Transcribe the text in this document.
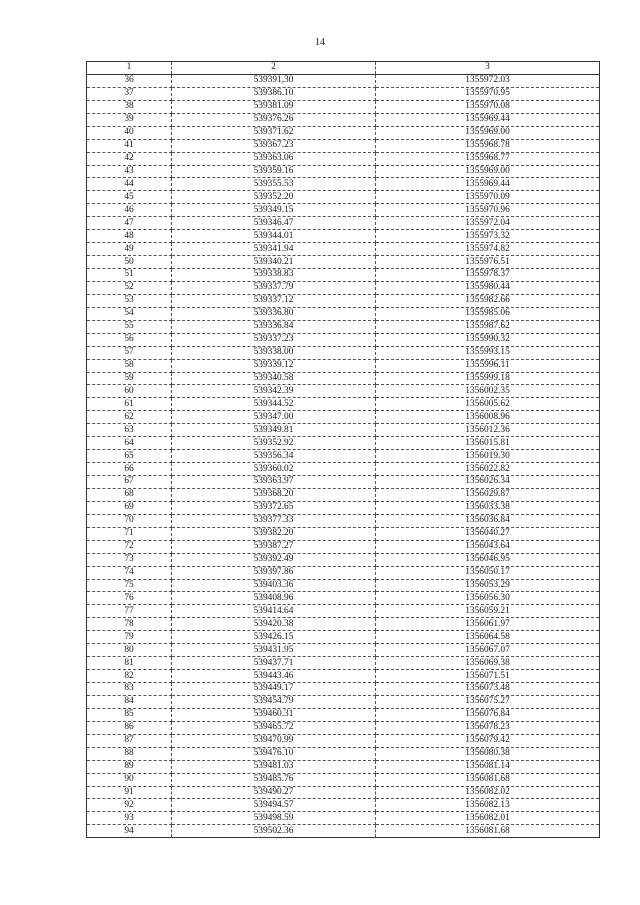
14
1	2	3
36	539391,30	1355972.03
37	539386.10	1355970.95
38	539381.09	1355970.08
39	539376.26	1355969.44
40	539371.62	1355969.00
41	539367.23	1355968.78
42	539363.06	1355968.77
43	539359.16	1355969.00
44	539355.53	1355969.44
45	539352.20	1355970.09
46	539349.15	1355970.96
47	539346.47	1355972.04
48	539344.01	1355973.32
49	539341.94	1355974.82
50	539340.21	1355976.51
51	539338.83	1355978.37
52	539337.79	1355980.44
53	539337.12	1355982.66
54	539336.80	1355985.06
55	539336.84	1355987.62
56	539337.23	1355990.32
57	539338.00	1355993.15
58	539339.12	1355996.11
59	539340.58	1355999.18
60	539342.39	1356002.35
61	539344.52	1356005.62
62	539347.00	1356008.96
63	539349.81	1356012.36
64	539352.92	1356015.81
65	539356.34	1356019.30
66	539360.02	1356022.82
67	539363.97	1356026.34
68	539368.20	1356029.87
69	539372.65	1356033.38
70	539377.33	1356036.84
71	539382.20	1356040.27
72	539387.27	1356043.64
73	539392.49	1356046.95
74	539397.86	1356050.17
75	539403.36	1356053.29
76	539408.96	1356056.30
77	539414.64	1356059.21
78	539420.38	1356061.97
79	539426.15	1356064.58
80	539431.95	1356067.07
81	539437.71	1356069.38
82	539443.46	1356071.51
83	539449.17	1356073.48
84	539454.79	1356075.27
85	539460.31	1356076.84
86	539465.72	1356078.23
87	539470.99	1356079.42
88	539476.10	1356080.38
89	539481.03	1356081.14
90	539485.76	1356081.68
91	539490.27	1356082.02
92	539494.57	1356082.13
93	539498.59	1356082.01
94	539502.36	1356081.68
